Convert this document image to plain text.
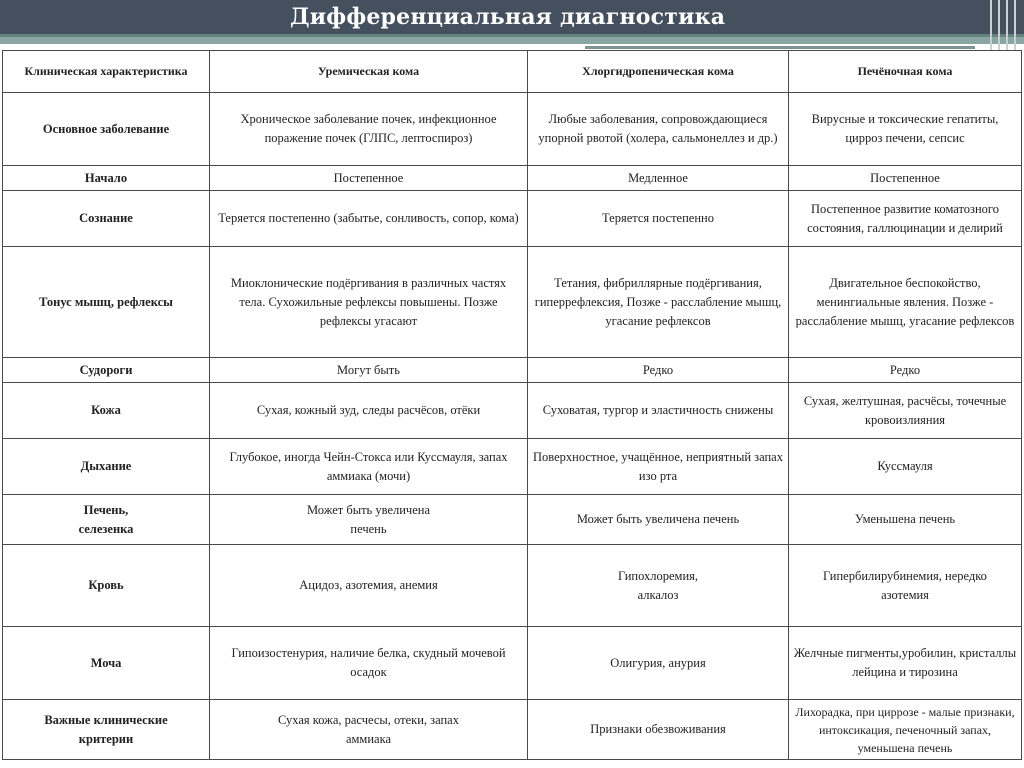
Дифференциальная диагностика
Клиническая характеристика	Уремическая кома	Хлоргидропеническая кома	Печёночная кома
Основное заболевание	Хроническое заболевание почек, инфекционное поражение почек (ГЛПС, лептоспироз)	Любые заболевания, сопровождающиеся упорной рвотой (холера, сальмонеллез и др.)	Вирусные и токсические гепатиты, цирроз печени, сепсис
Начало	Постепенное	Медленное	Постепенное
Сознание	Теряется постепенно (забытье, сонливость, сопор, кома)	Теряется постепенно	Постепенное развитие коматозного состояния, галлюцинации и делирий
Тонус мышц, рефлексы	Миоклонические подёргивания в различных частях тела. Сухожильные рефлексы повышены. Позже рефлексы угасают	Тетания, фибриллярные подёргивания, гиперрефлексия, Позже - расслабление мышц, угасание рефлексов	Двигательное беспокойство, менингиальные явления. Позже - расслабление мышц, угасание рефлексов
Судороги	Могут быть	Редко	Редко
Кожа	Сухая, кожный зуд, следы расчёсов, отёки	Суховатая, тургор и эластичность снижены	Сухая, желтушная, расчёсы, точечные кровоизлияния
Дыхание	Глубокое, иногда Чейн-Стокса или Куссмауля, запах аммиака (мочи)	Поверхностное, учащённое, неприятный запах изо рта	Куссмауля
Печень, селезенка	Может быть увеличена печень	Может быть увеличена печень	Уменьшена печень
Кровь	Ацидоз, азотемия, анемия	Гипохлоремия, алкалоз	Гипербилирубинемия, нередко азотемия
Моча	Гипоизостенурия, наличие белка, скудный мочевой осадок	Олигурия, анурия	Желчные пигменты,уробилин, кристаллы лейцина и тирозина
Важные клинические критерии	Сухая кожа, расчесы, отеки, запах аммиака	Признаки обезвоживания	Лихорадка, при циррозе - малые признаки, интоксикация, печеночный запах, уменьшена печень
